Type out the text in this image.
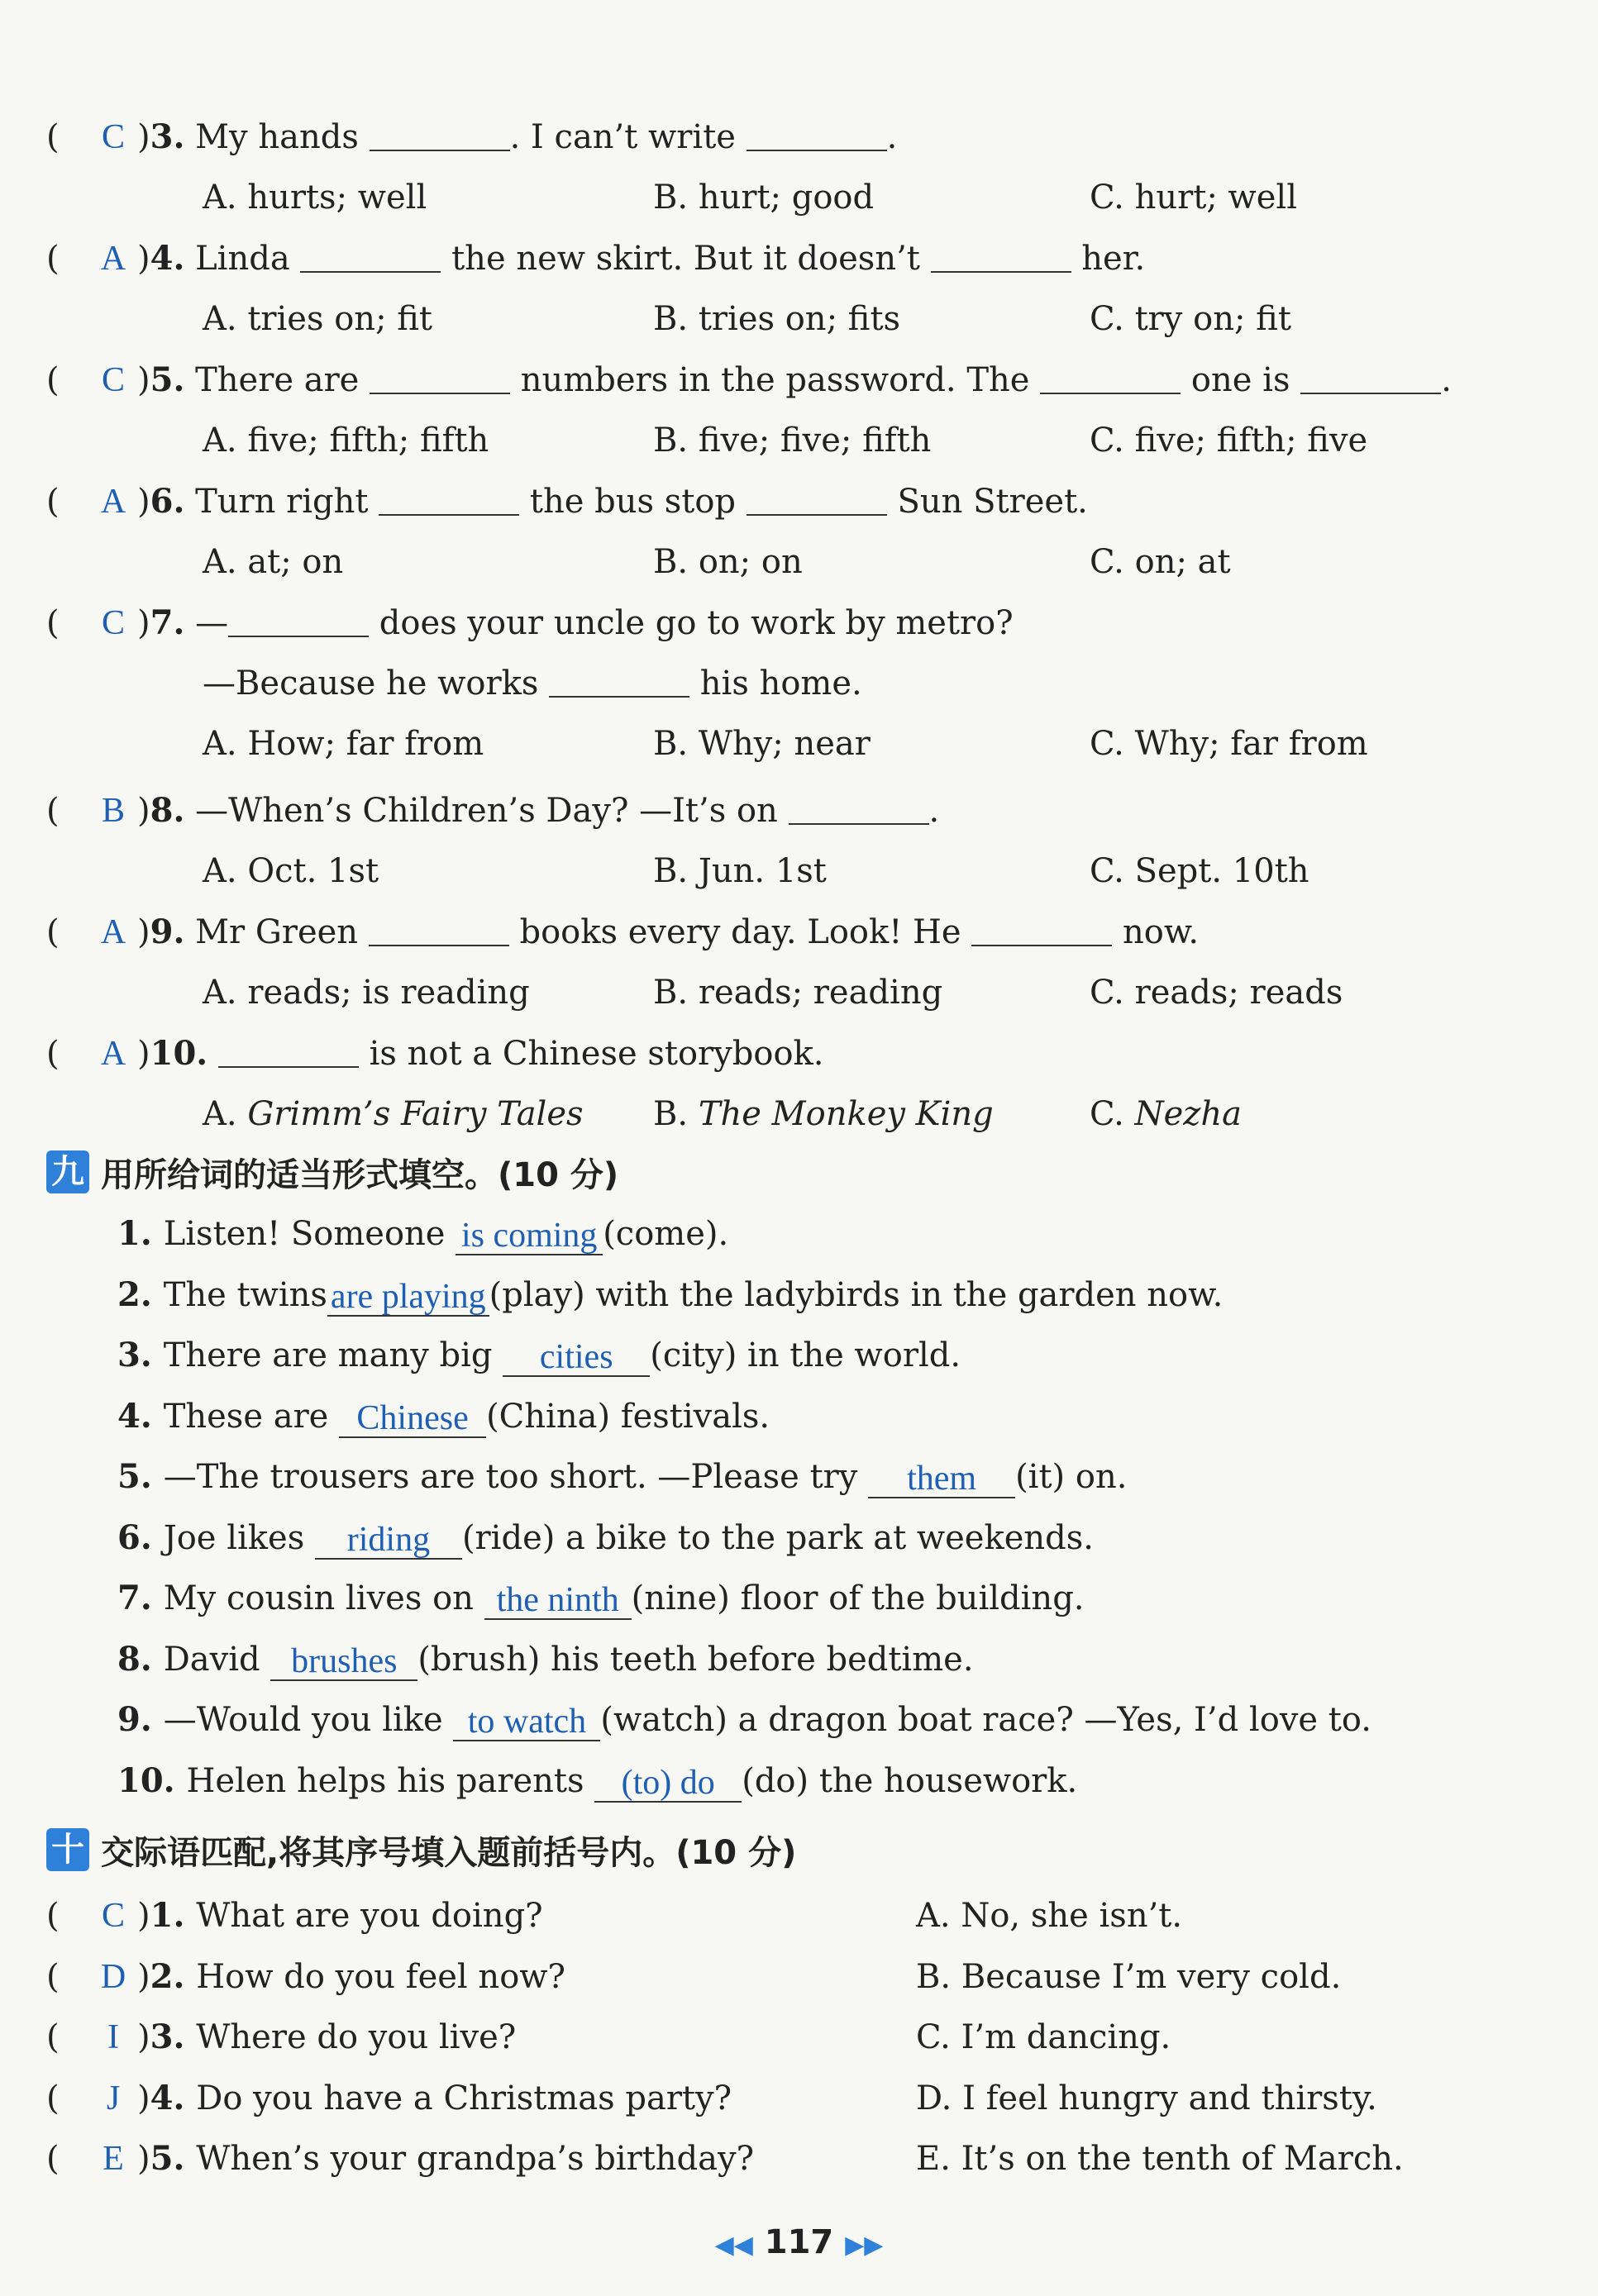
( C )3. My hands	. I can’t write	.
A. hurts; well	B. hurt; good	C. hurt; well
( A )4. Linda	the new skirt. But it doesn’t	her.
A. tries on; fit	B. tries on; fits	C. try on; fit
( C )5. There are	numbers in the password. The	one is	.
A. five; fifth; fifth	B. five; five; fifth	C. five; fifth; five
( A )6. Turn right	the bus stop	Sun Street.
A. at; on	B. on; on	C. on; at
( C )7. —	does your uncle go to work by metro?
—Because he works	his home.
A. How; far from	B. Why; near	C. Why; far from
( B )8. —When’s Children’s Day? —It’s on	.
A. Oct. 1st	B. Jun. 1st	C. Sept. 10th
( A )9. Mr Green	books every day. Look! He	now.
A. reads; is reading	B. reads; reading	C. reads; reads
( A )10.	is not a Chinese storybook.
A. Grimm’s Fairy Tales B. The Monkey King	C. Nezha
九 用所给词的适当形式填空。(10 分)
1. Listen! Someone is coming (come).
2. The twinsare playing (play) with the ladybirds in the garden now.
3. There are many big cities (city) in the world.
4. These are Chinese (China) festivals.
5. —The trousers are too short. —Please try them (it) on.
6. Joe likes riding (ride) a bike to the park at weekends.
7. My cousin lives on the ninth (nine) floor of the building.
8. David brushes (brush) his teeth before bedtime.
9. —Would you like to watch (watch) a dragon boat race? —Yes, I’d love to.
10. Helen helps his parents (to) do (do) the housework.
十 交际语匹配,将其序号填入题前括号内。(10 分)
( C )1. What are you doing?	A. No, she isn’t.
( D )2. How do you feel now?	B. Because I’m very cold.
( I )3. Where do you live?	C. I’m dancing.
( J )4. Do you have a Christmas party?	D. I feel hungry and thirsty.
( E )5. When’s your grandpa’s birthday?	E. It’s on the tenth of March.
◀◀ 117 ▶▶
